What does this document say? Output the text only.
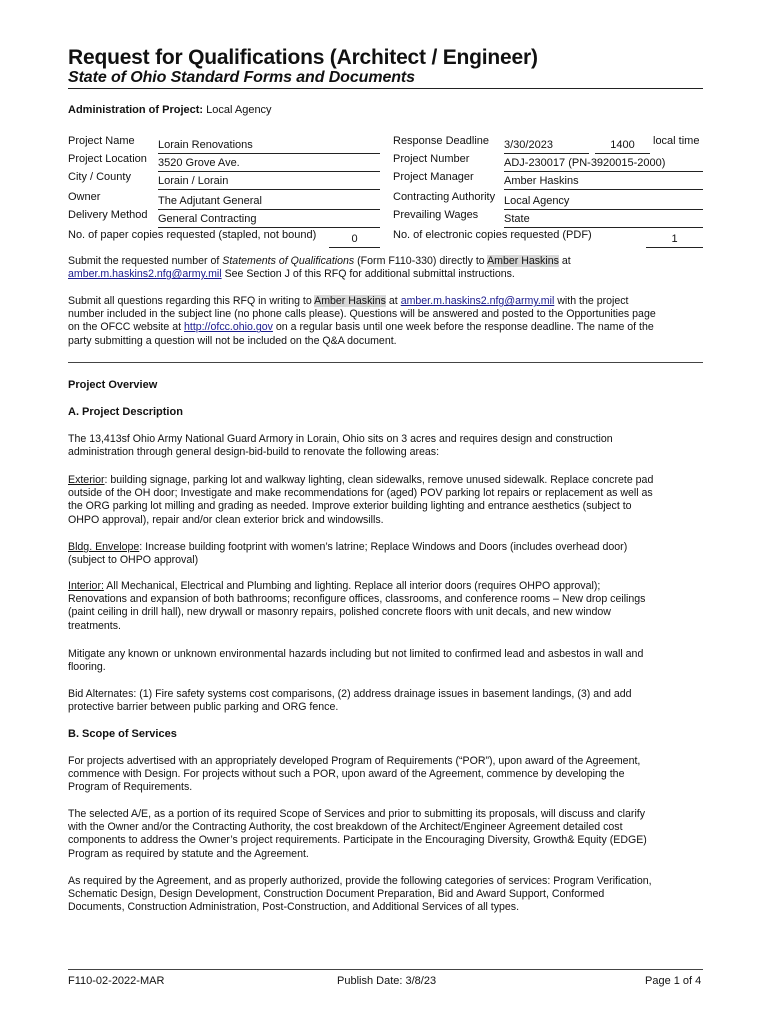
Request for Qualifications (Architect / Engineer)
State of Ohio Standard Forms and Documents
Administration of Project: Local Agency
Project Name Lorain Renovations
Project Location 3520 Grove Ave.
City / County Lorain / Lorain
Owner	The Adjutant General
Delivery Method General Contracting
No. of paper copies requested (stapled, not bound)	0
Response Deadline 3/30/2023	1400	local time
Project Number	ADJ-230017 (PN-3920015-2000)
Project Manager	Amber Haskins
Contracting Authority Local Agency
Prevailing Wages State
No. of electronic copies requested (PDF)	1
Submit the requested number of Statements of Qualifications (Form F110-330) directly to Amber Haskins at
amber.m.haskins2.nfg@army.mil See Section J of this RFQ for additional submittal instructions.
Submit all questions regarding this RFQ in writing to Amber Haskins at amber.m.haskins2.nfg@army.mil with the project
number included in the subject line (no phone calls please). Questions will be answered and posted to the Opportunities page
on the OFCC website at http://ofcc.ohio.gov on a regular basis until one week before the response deadline. The name of the
party submitting a question will not be included on the Q&A document.
Project Overview
A. Project Description
The 13,413sf Ohio Army National Guard Armory in Lorain, Ohio sits on 3 acres and requires design and construction
administration through general design-bid-build to renovate the following areas:
Exterior: building signage, parking lot and walkway lighting, clean sidewalks, remove unused sidewalk. Replace concrete pad
outside of the OH door; Investigate and make recommendations for (aged) POV parking lot repairs or replacement as well as
the ORG parking lot milling and grading as needed. Improve exterior building lighting and entrance aesthetics (subject to
OHPO approval), repair and/or clean exterior brick and windowsills.
Bldg. Envelope: Increase building footprint with women’s latrine; Replace Windows and Doors (includes overhead door)
(subject to OHPO approval)
Interior: All Mechanical, Electrical and Plumbing and lighting. Replace all interior doors (requires OHPO approval);
Renovations and expansion of both bathrooms; reconfigure offices, classrooms, and conference rooms – New drop ceilings
(paint ceiling in drill hall), new drywall or masonry repairs, polished concrete floors with unit decals, and new window
treatments.
Mitigate any known or unknown environmental hazards including but not limited to confirmed lead and asbestos in wall and
flooring.
Bid Alternates: (1) Fire safety systems cost comparisons, (2) address drainage issues in basement landings, (3) and add
protective barrier between public parking and ORG fence.
B. Scope of Services
For projects advertised with an appropriately developed Program of Requirements (“POR”), upon award of the Agreement,
commence with Design. For projects without such a POR, upon award of the Agreement, commence by developing the
Program of Requirements.
The selected A/E, as a portion of its required Scope of Services and prior to submitting its proposals, will discuss and clarify
with the Owner and/or the Contracting Authority, the cost breakdown of the Architect/Engineer Agreement detailed cost
components to address the Owner’s project requirements. Participate in the Encouraging Diversity, Growth& Equity (EDGE)
Program as required by statute and the Agreement.
As required by the Agreement, and as properly authorized, provide the following categories of services: Program Verification,
Schematic Design, Design Development, Construction Document Preparation, Bid and Award Support, Conformed
Documents, Construction Administration, Post-Construction, and Additional Services of all types.
F110-02-2022-MAR	Publish Date: 3/8/23	Page 1 of 4
